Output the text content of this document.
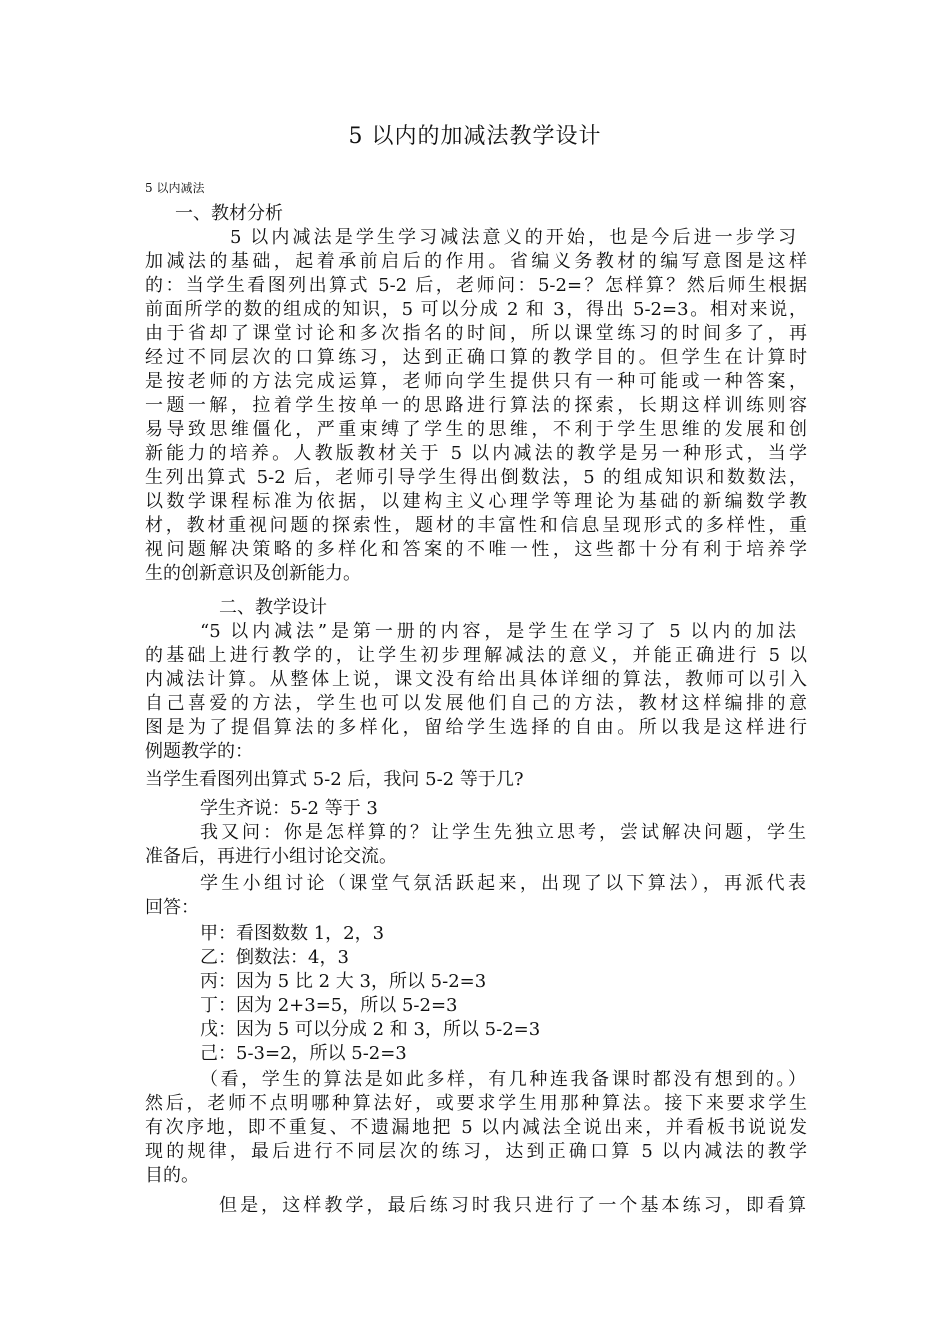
5 以内的加减法教学设计
5 以内减法
一、教材分析
5 以内减法是学生学习减法意义的开始，也是今后进一步学习
加减法的基础，起着承前启后的作用。省编义务教材的编写意图是这样
的：当学生看图列出算式 5-2 后，老师问：5-2=？怎样算？然后师生根据
前面所学的数的组成的知识，5 可以分成 2 和 3，得出 5-2=3。相对来说，
由于省却了课堂讨论和多次指名的时间，所以课堂练习的时间多了，再
经过不同层次的口算练习，达到正确口算的教学目的。但学生在计算时
是按老师的方法完成运算，老师向学生提供只有一种可能或一种答案，
一题一解，拉着学生按单一的思路进行算法的探索，长期这样训练则容
易导致思维僵化，严重束缚了学生的思维，不利于学生思维的发展和创
新能力的培养。人教版教材关于 5 以内减法的教学是另一种形式，当学
生列出算式 5-2 后，老师引导学生得出倒数法，5 的组成知识和数数法，
以数学课程标准为依据，以建构主义心理学等理论为基础的新编数学教
材，教材重视问题的探索性，题材的丰富性和信息呈现形式的多样性，重
视问题解决策略的多样化和答案的不唯一性，这些都十分有利于培养学
生的创新意识及创新能力。
二、教学设计
“5 以内减法”是第一册的内容，是学生在学习了 5 以内的加法
的基础上进行教学的，让学生初步理解减法的意义，并能正确进行 5 以
内减法计算。从整体上说，课文没有给出具体详细的算法，教师可以引入
自己喜爱的方法，学生也可以发展他们自己的方法，教材这样编排的意
图是为了提倡算法的多样化，留给学生选择的自由。所以我是这样进行
例题教学的：
当学生看图列出算式 5-2 后，我问 5-2 等于几?
学生齐说：5-2 等于 3
我又问：你是怎样算的？让学生先独立思考，尝试解决问题，学生
准备后，再进行小组讨论交流。
学生小组讨论（课堂气氛活跃起来，出现了以下算法），再派代表
回答：
甲：看图数数 1，2，3
乙：倒数法：4，3
丙：因为 5 比 2 大 3，所以 5-2=3
丁：因为 2+3=5，所以 5-2=3
戊：因为 5 可以分成 2 和 3，所以 5-2=3
己：5-3=2，所以 5-2=3
（看，学生的算法是如此多样，有几种连我备课时都没有想到的。）
然后，老师不点明哪种算法好，或要求学生用那种算法。接下来要求学生
有次序地，即不重复、不遗漏地把 5 以内减法全说出来，并看板书说说发
现的规律，最后进行不同层次的练习，达到正确口算 5 以内减法的教学
目的。
但是，这样教学，最后练习时我只进行了一个基本练习，即看算
